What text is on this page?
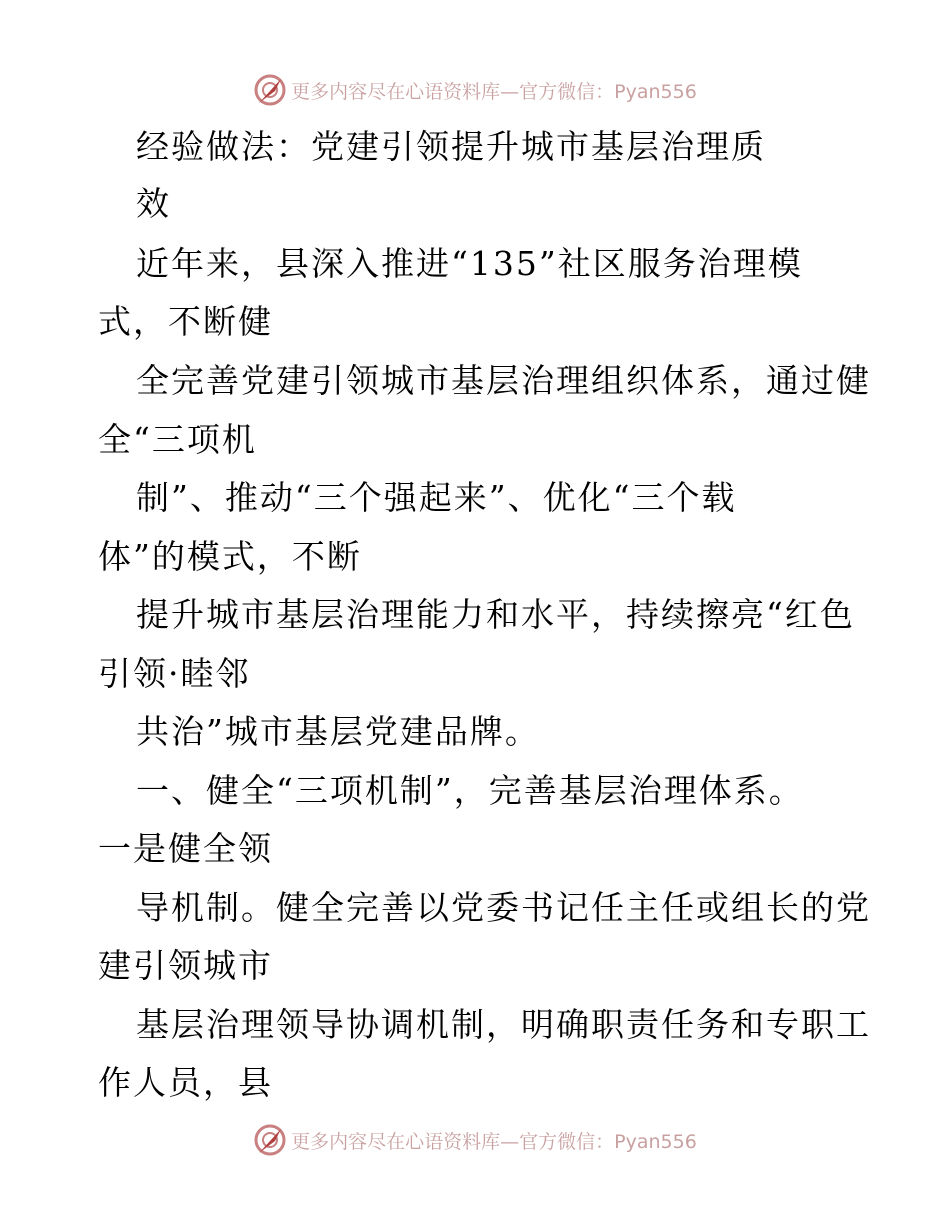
更多内容尽在心语资料库—官方微信：Pyan556
经验做法：党建引领提升城市基层治理质
效
近年来，县深入推进“135”社区服务治理模
式，不断健
全完善党建引领城市基层治理组织体系，通过健
全“三项机
制”、推动“三个强起来”、优化“三个载
体”的模式，不断
提升城市基层治理能力和水平，持续擦亮“红色
引领·睦邻
共治”城市基层党建品牌。
一、健全“三项机制”，完善基层治理体系。
一是健全领
导机制。健全完善以党委书记任主任或组长的党
建引领城市
基层治理领导协调机制，明确职责任务和专职工
作人员，县
更多内容尽在心语资料库—官方微信：Pyan556
